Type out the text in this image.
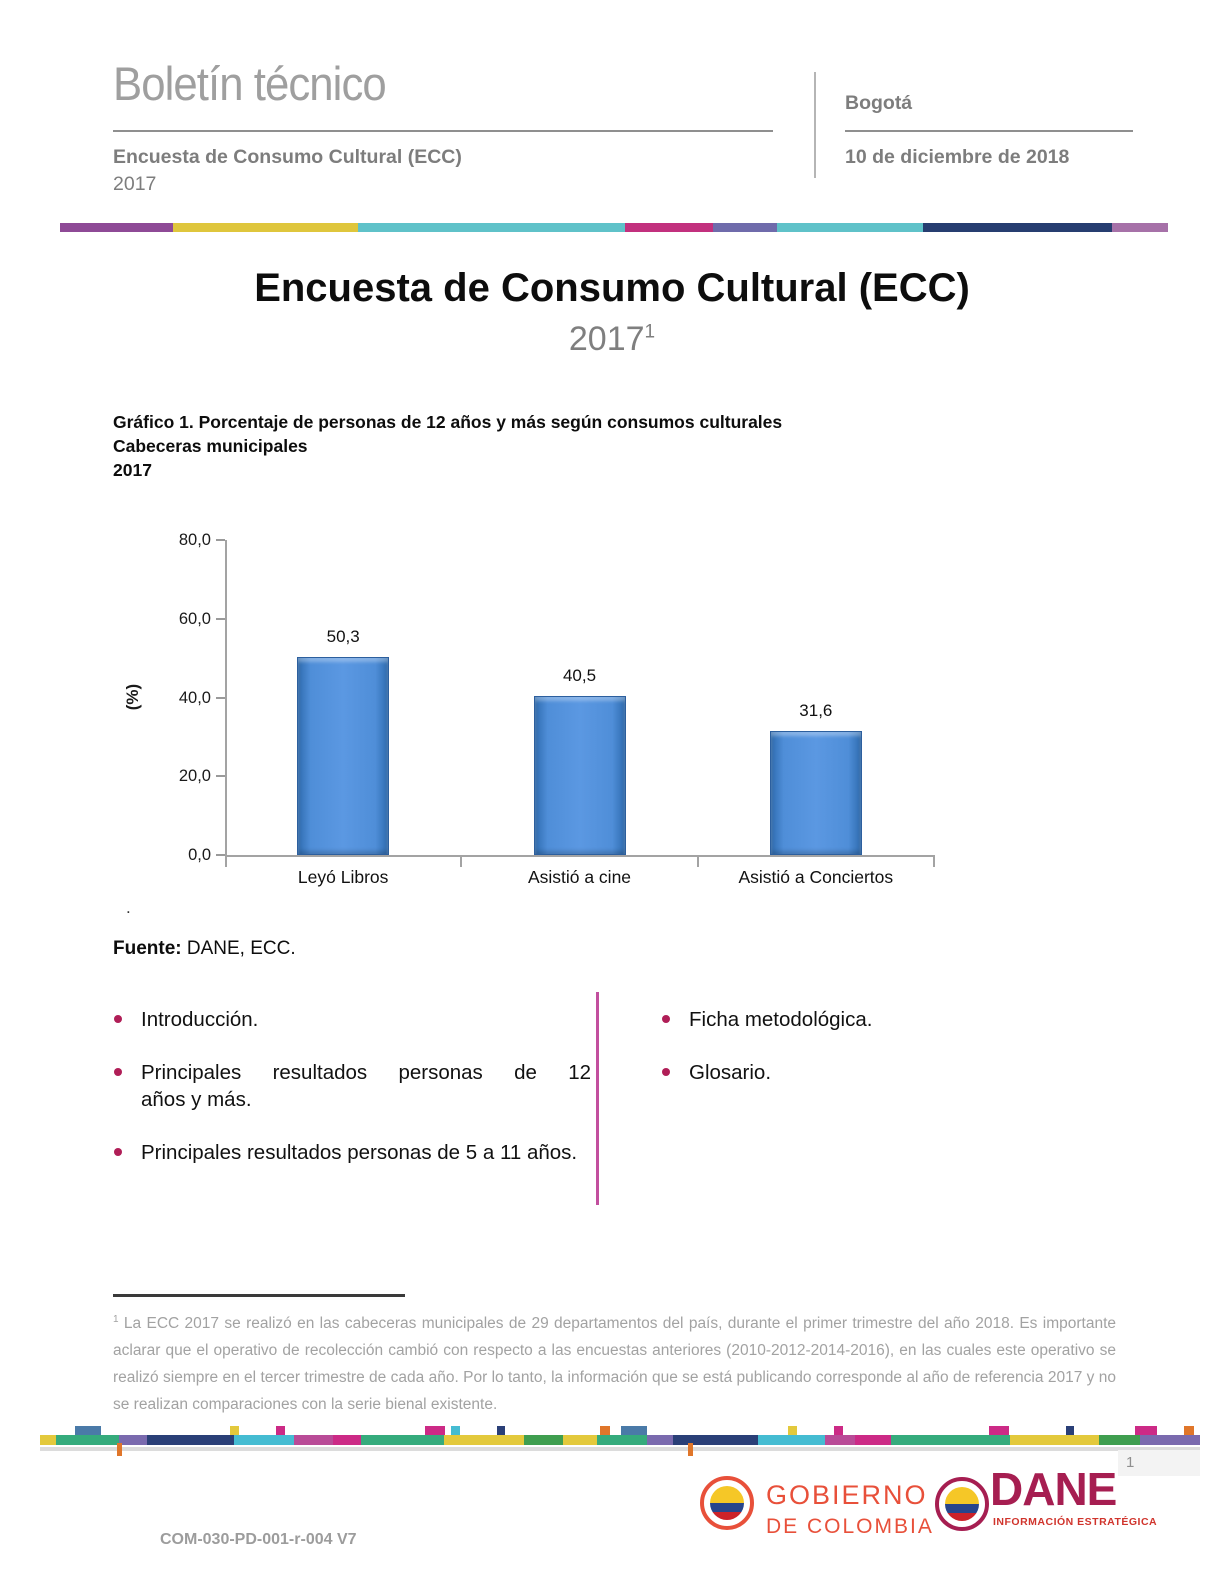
Boletín técnico
Encuesta de Consumo Cultural (ECC)
2017
Bogotá
10 de diciembre de 2018
Encuesta de Consumo Cultural (ECC)
2017$^1$
Gráfico 1. Porcentaje de personas de 12 años y más según consumos culturales
Cabeceras municipales
2017
(%)
0,0
20,0
40,0
60,0
80,0
50,3
Leyó Libros
40,5
Asistió a cine
31,6
Asistió a Conciertos
.
Fuente: DANE, ECC.
Introducción.
Principales resultados personas de 12 años y más.
Principales resultados personas de 5 a 11 años.
Ficha metodológica.
Glosario.
$^1$ La ECC 2017 se realizó en las cabeceras municipales de 29 departamentos del país, durante el primer trimestre del año 2018. Es importante aclarar que el operativo de recolección cambió con respecto a las encuestas anteriores (2010-2012-2014-2016), en las cuales este operativo se realizó siempre en el tercer trimestre de cada año. Por lo tanto, la información que se está publicando corresponde al año de referencia 2017 y no se realizan comparaciones con la serie bienal existente.
1
GOBIERNO
DE COLOMBIA
DANE
INFORMACIÓN ESTRATÉGICA
COM-030-PD-001-r-004 V7
